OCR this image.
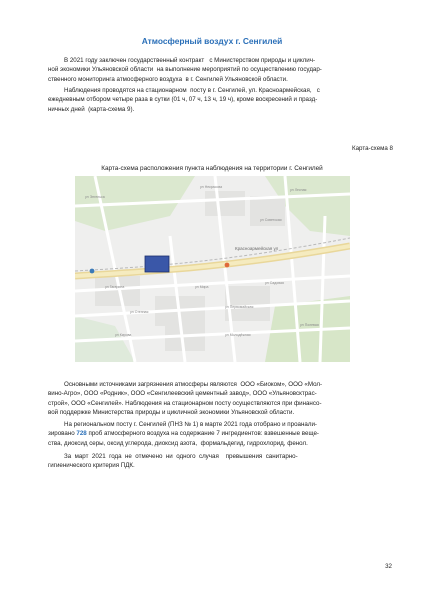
Атмосферный воздух г. Сенгилей
В 2021 году заключен государственный контракт   с Министерством природы и циклич-
ной экономики Ульяновской области  на выполнение мероприятий по осуществлению государ-
ственного мониторинга атмосферного воздуха  в г. Сенгилей Ульяновской области.
Наблюдения проводятся на стационарном  посту в г. Сенгилей, ул. Красноармейская,   с
ежедневным отбором четыре раза в сутки (01 ч, 07 ч, 13 ч, 19 ч), кроме воскресений и празд-
ничных дней  (карта-схема 9).
Карта-схема 8
Карта-схема расположения пункта наблюдения на территории г. Сенгилей
Красноармейская ул
ул Некрасова
ул Энгельса
ул Советская
ул Лесная
ул Гагарина	ул Мира
ул Садовая
ул Степная
ул Первомайская
ул Кирова	ул Молодёжная
ул Полевая
Основными источниками загрязнения атмосферы являются  ООО «Биоком», ООО «Мол-
вино-Агро», ООО «Родник», ООО «Сенгилеевский цементный завод», ООО «Ульяновсктрас-
строй», ООО «Сенгилей». Наблюдения на стационарном посту осуществляются при финансо-
вой поддержке Министерства природы и цикличной экономики Ульяновской области.
На региональном посту г. Сенгилей (ПНЗ № 1) в марте 2021 года отобрано и проанали-
зировано 728 проб атмосферного воздуха на содержание 7 ингредиентов: взвешенные веще-
ства, диоксид серы, оксид углерода, диоксид азота,  формальдегид, гидрохлорид, фенол.
За  март  2021  года  не  отмечено  ни  одного  случая    превышения  санитарно-
гигиенического критерия ПДК.
32
